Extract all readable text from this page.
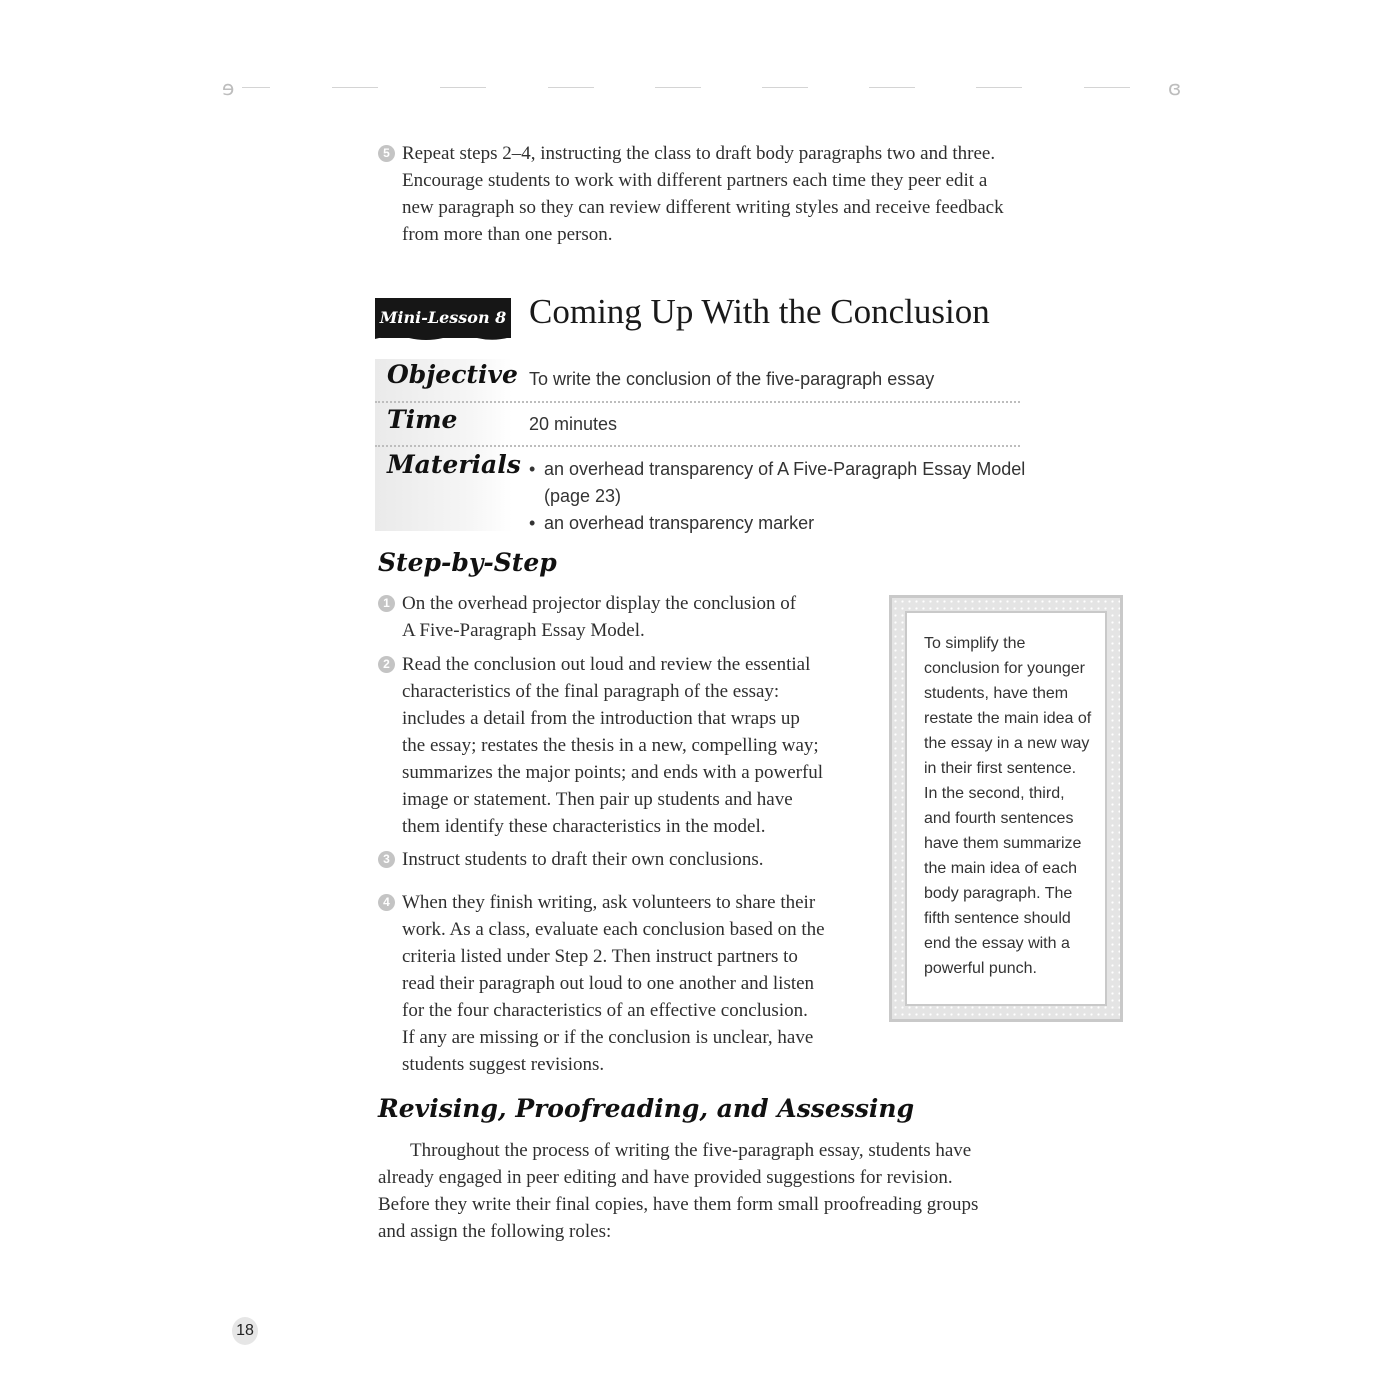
ɘ	ɞ
5 Repeat steps 2–4, instructing the class to draft body paragraphs two and three.
Encourage students to work with different partners each time they peer edit a
new paragraph so they can review different writing styles and receive feedback
from more than one person.
Mini-Lesson 8 Coming Up With the Conclusion
Objective To write the conclusion of the five-paragraph essay
Time	20 minutes
Materials
• an overhead transparency of A Five-Paragraph Essay Model
(page 23)
• an overhead transparency marker
Step-by-Step
1 On the overhead projector display the conclusion of
A Five-Paragraph Essay Model.
2 Read the conclusion out loud and review the essential
characteristics of the final paragraph of the essay:
includes a detail from the introduction that wraps up
the essay; restates the thesis in a new, compelling way;
summarizes the major points; and ends with a powerful
image or statement. Then pair up students and have
them identify these characteristics in the model.
3 Instruct students to draft their own conclusions.
4 When they finish writing, ask volunteers to share their
work. As a class, evaluate each conclusion based on the
criteria listed under Step 2. Then instruct partners to
read their paragraph out loud to one another and listen
for the four characteristics of an effective conclusion.
If any are missing or if the conclusion is unclear, have
students suggest revisions.
To simplify the
conclusion for younger
students, have them
restate the main idea of
the essay in a new way
in their first sentence.
In the second, third,
and fourth sentences
have them summarize
the main idea of each
body paragraph. The
fifth sentence should
end the essay with a
powerful punch.
Revising, Proofreading, and Assessing
Throughout the process of writing the five-paragraph essay, students have
already engaged in peer editing and have provided suggestions for revision.
Before they write their final copies, have them form small proofreading groups
and assign the following roles:
18
